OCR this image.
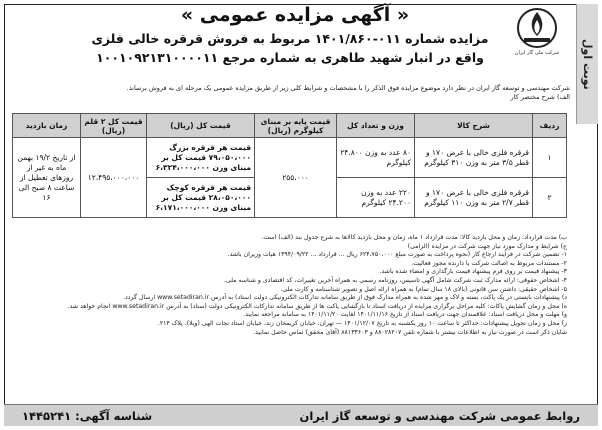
نوبت اول
شرکت ملی گاز ایران
« آگهی مزایده عمومی »
مزایده شماره ۰۱۱-۱۴۰۱/۸۶۰ مربوط به فروش قرقره خالی فلزی
واقع در انبار شهید طاهری به شماره مرجع ۱۰۰۱۰۹۲۱۳۱۰۰۰۰۱۱
شرکت مهندسی و توسعه گاز ایران در نظر دارد موضوع مزایده فوق الذکر را با مشخصات و شرایط کلی زیر از طریق مزایده عمومی یک مرحله ای به فروش برساند.
الف) شرح مختصر کار
ردیف	شرح کالا	وزن و تعداد کل	قیمت پایه بر مبنای کیلوگرم (ریال)	قیمت کل (ریال)	قیمت کل ۲ قلم (ریال)	زمان بازدید
۱	قرقره فلزی خالی با عرض ۱۷۰ و قطر ۳/۵ متر به وزن ۳۱۰ کیلوگرم	۸۰ عدد به وزن ۲۴.۸۰۰ کیلوگرم	۲۵۵،۰۰۰	قیمت هر قرقره بزرگ ۷۹،۰۵۰،۰۰۰ قیمت کل بر مبنای وزن ۶،۳۲۴،۰۰۰،۰۰۰	۱۲،۴۹۵،۰۰۰،۰۰۰	از تاریخ ۱۹/۲ بهمن ماه به غیر از روزهای تعطیل از ساعت ۸ صبح الی ۱۶
۲	قرقره فلزی خالی با عرض ۱۷۰ و قطر ۲/۷ متر به وزن ۱۱۰ کیلوگرم	۲۲۰ عدد به وزن ۲۴.۲۰۰ کیلوگرم		قیمت هر قرقره کوچک ۲۸،۰۵۰،۰۰۰ قیمت کل بر مبنای وزن ۶،۱۷۱،۰۰۰،۰۰۰		
ب) مدت قرارداد: زمان و محل بازدید کالا: مدت قرارداد ۱ ماه، زمان و محل بازدید کالاها به شرح جدول بند (الف) است.
ج) شرایط و مدارک مورد نیاز جهت شرکت در مزایده (الزامی)
۱- تضمین شرکت در فرآیند ارجاع کار (نحوه پرداخت به صورت مبلغ ۶۲۴،۷۵۰،۰۰۰ ریال ... قرارداد ... ۱۳۹۴/۰۹/۲۲ هیات وزیران باشد.
۲- مستندات مربوط به اصالت شرکت یا دارنده مجوز فعالیت.
۳- پیشنهاد قیمت بر روی فرم پیشنهاد قیمت بارگذاری و امضاء شده باشد.
۴- اشخاص حقوقی: ارائه مدارک ثبت شرکت شامل آگهی تاسیس، روزنامه رسمی به همراه آخرین تغییرات، کد اقتصادی و شناسه ملی.
۵- اشخاص حقیقی: داشتن سن قانونی (بالای ۱۸ سال تمام) به همراه ارائه اصل و تصویر شناسنامه و کارت ملی.
د) پیشنهادات بایستی در یک پاکت، بسته و لاک و مهر شده به همراه مدارک فوق از طریق سامانه تدارکات الکترونیکی دولت (ستاد) به آدرس www.setadiran.ir ارسال گردد.
ه) محل و زمان گشایش پاکات: کلیه مراحل برگزاری مزایده از دریافت اسناد تا بازگشایی پاکت ها از طریق سامانه تدارکات الکترونیکی دولت (ستاد) به آدرس www.setadiran.ir انجام خواهد شد.
و) مهلت و محل دریافت اسناد: علاقمندان جهت دریافت اسناد از تاریخ ۱۴۰۱/۱۱/۱۶ لغایت ۱۴۰۱/۱۱/۲۰ به سامانه مراجعه نمایند.
ز) محل و زمان تحویل پیشنهادات: حداکثر تا ساعت ۱۰ روز یکشنبه به تاریخ ۱۴۰۱/۱۲/۰۷ — تهران، خیابان کریمخان زند، خیابان استاد نجات الهی (ویلا)، پلاک ۲۱۴.
شایان ذکر است در صورت نیاز به اطلاعات بیشتر با شماره تلفن ۸۸۰۲۸۲۰۷ و ۸۸۱۳۳۶۰۳ (آقای محقق) تماس حاصل نمایید.
روابط عمومی شرکت مهندسی و توسعه گاز ایران
شناسه آگهی: ۱۴۴۵۲۴۱
